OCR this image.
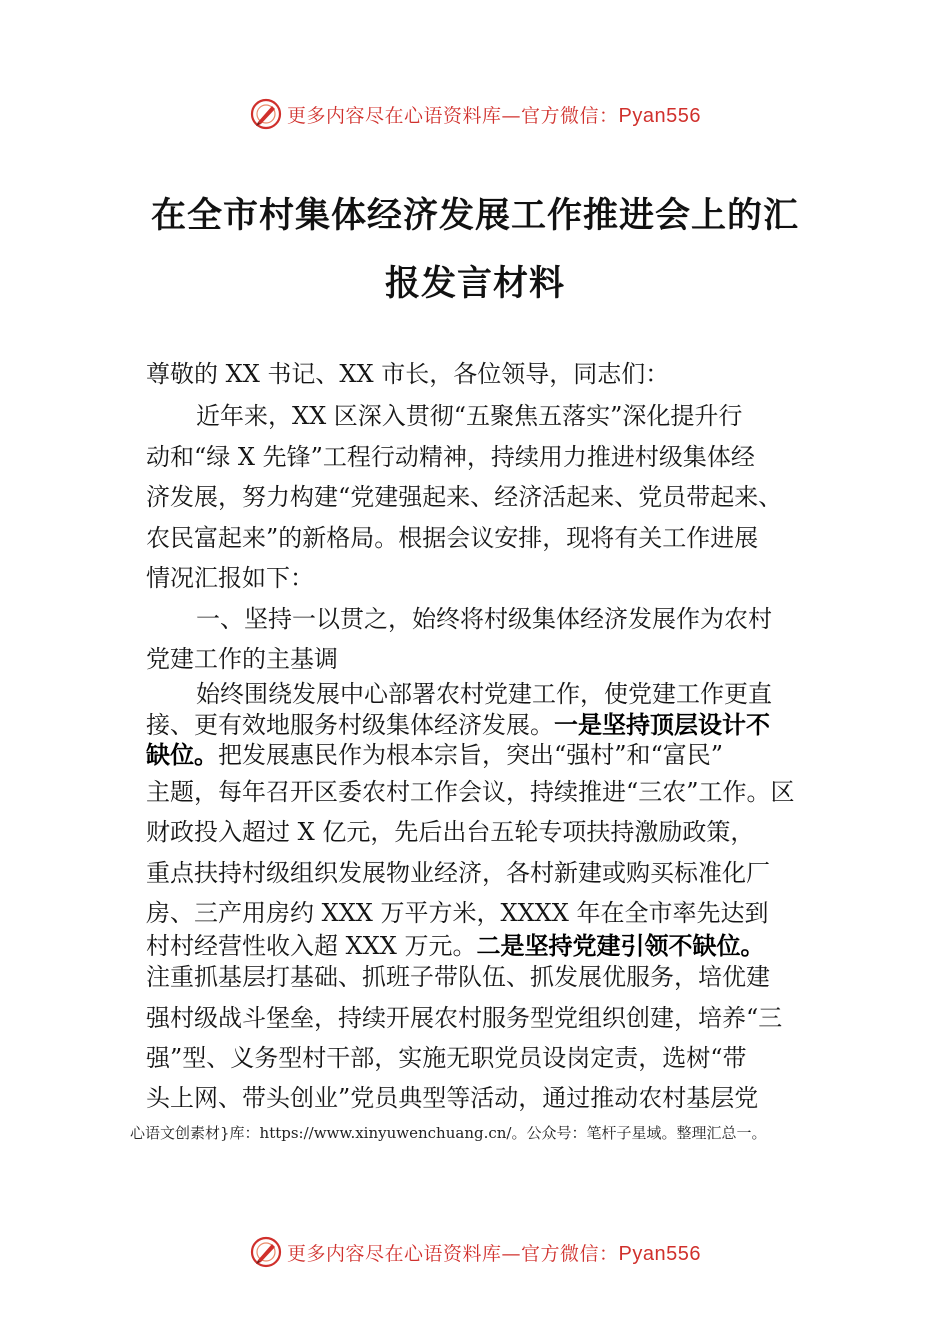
更多内容尽在心语资料库—官方微信：Pyan556
在全市村集体经济发展工作推进会上的汇
报发言材料
尊敬的 XX 书记、XX 市长，各位领导，同志们：
近年来，XX 区深入贯彻“五聚焦五落实”深化提升行
动和“绿 X 先锋”工程行动精神，持续用力推进村级集体经
济发展，努力构建“党建强起来、经济活起来、党员带起来、
农民富起来”的新格局。根据会议安排，现将有关工作进展
情况汇报如下：
一、坚持一以贯之，始终将村级集体经济发展作为农村
党建工作的主基调
始终围绕发展中心部署农村党建工作，使党建工作更直
接、更有效地服务村级集体经济发展。一是坚持顶层设计不
缺位。把发展惠民作为根本宗旨，突出“强村”和“富民”
主题，每年召开区委农村工作会议，持续推进“三农”工作。区
财政投入超过 X 亿元，先后出台五轮专项扶持激励政策，
重点扶持村级组织发展物业经济，各村新建或购买标准化厂
房、三产用房约 XXX 万平方米，XXXX 年在全市率先达到
村村经营性收入超 XXX 万元。二是坚持党建引领不缺位。
注重抓基层打基础、抓班子带队伍、抓发展优服务，培优建
强村级战斗堡垒，持续开展农村服务型党组织创建，培养“三
强”型、义务型村干部，实施无职党员设岗定责，选树“带
头上网、带头创业”党员典型等活动，通过推动农村基层党
心语文创素材}库：https://www.xinyuwenchuang.cn/。公众号：笔杆子星域。整理汇总一。
更多内容尽在心语资料库—官方微信：Pyan556
